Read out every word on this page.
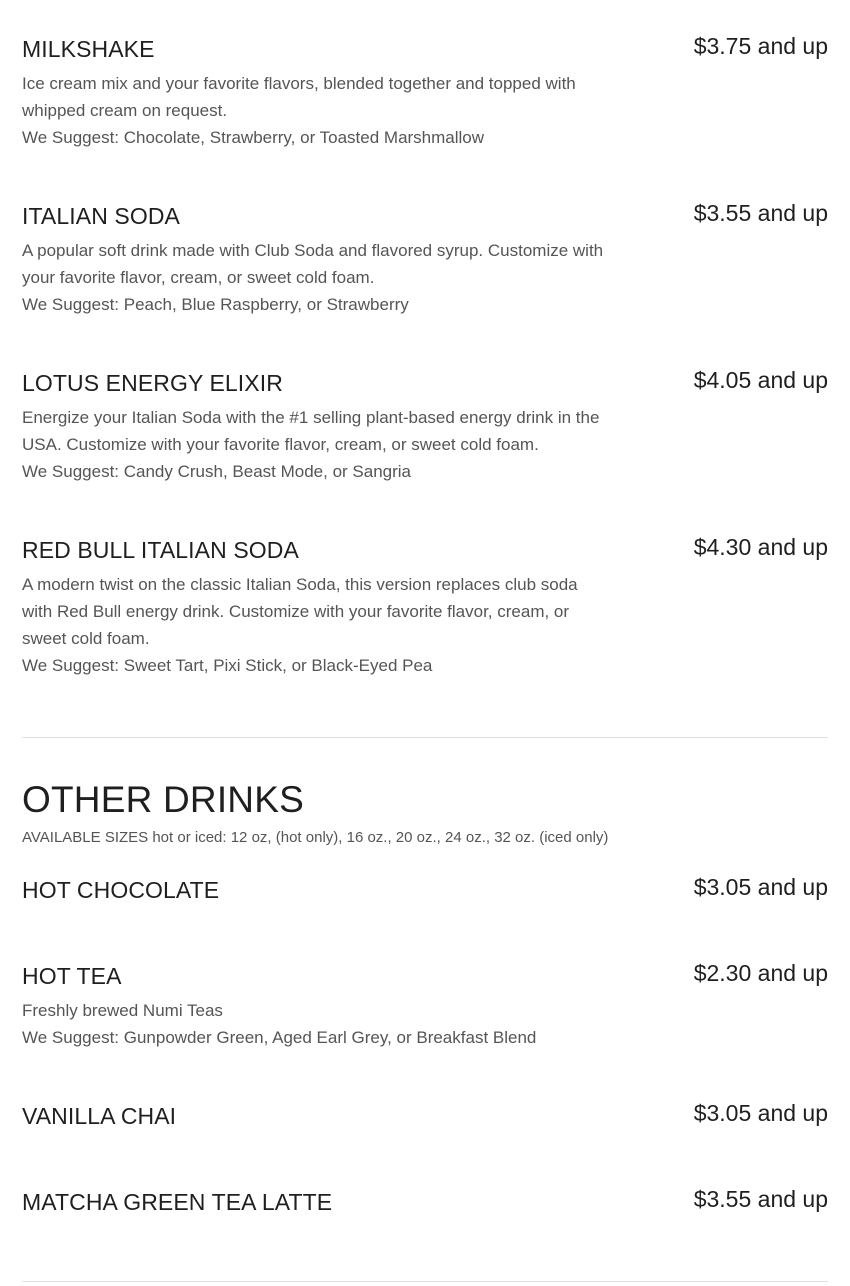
MILKSHAKE	$3.75 and up

Ice cream mix and your favorite flavors, blended together and topped with whipped cream on request.

We Suggest: Chocolate, Strawberry, or Toasted Marshmallow

ITALIAN SODA	$3.55 and up

A popular soft drink made with Club Soda and flavored syrup. Customize with your favorite flavor, cream, or sweet cold foam.

We Suggest: Peach, Blue Raspberry, or Strawberry

LOTUS ENERGY ELIXIR	$4.05 and up

Energize your Italian Soda with the #1 selling plant-based energy drink in the USA. Customize with your favorite flavor, cream, or sweet cold foam.

We Suggest: Candy Crush, Beast Mode, or Sangria

RED BULL ITALIAN SODA	$4.30 and up

A modern twist on the classic Italian Soda, this version replaces club soda with Red Bull energy drink. Customize with your favorite flavor, cream, or sweet cold foam.

We Suggest: Sweet Tart, Pixi Stick, or Black-Eyed Pea

OTHER DRINKS
AVAILABLE SIZES hot or iced: 12 oz, (hot only), 16 oz., 20 oz., 24 oz., 32 oz. (iced only)
HOT CHOCOLATE	$3.05 and up
HOT TEA	$2.30 and up

Freshly brewed Numi Teas

We Suggest: Gunpowder Green, Aged Earl Grey, or Breakfast Blend

VANILLA CHAI	$3.05 and up
MATCHA GREEN TEA LATTE	$3.55 and up
